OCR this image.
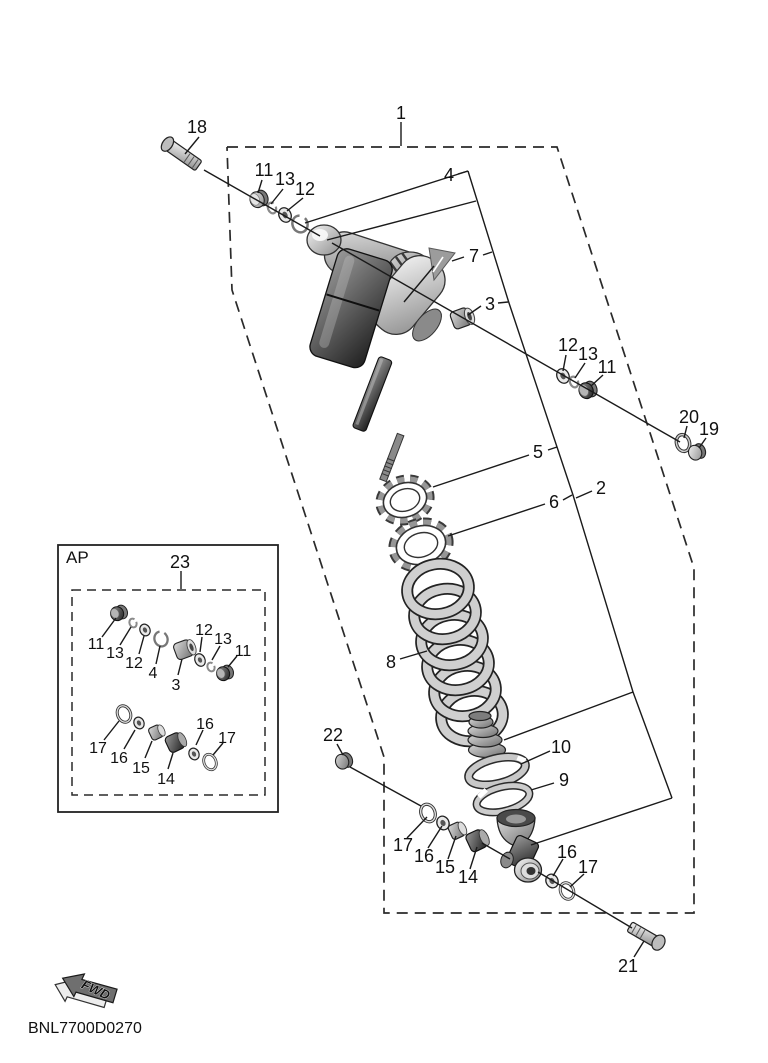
AP
1
18
11 13 12
4
7
3
5
6
2
12 13
11
20
19
8
10
9
22
17
16
15 14
16
17
21
23
11
13
12
4
3
12
13
11
17
16
15
14
16
17
FWD
BNL7700D0270
